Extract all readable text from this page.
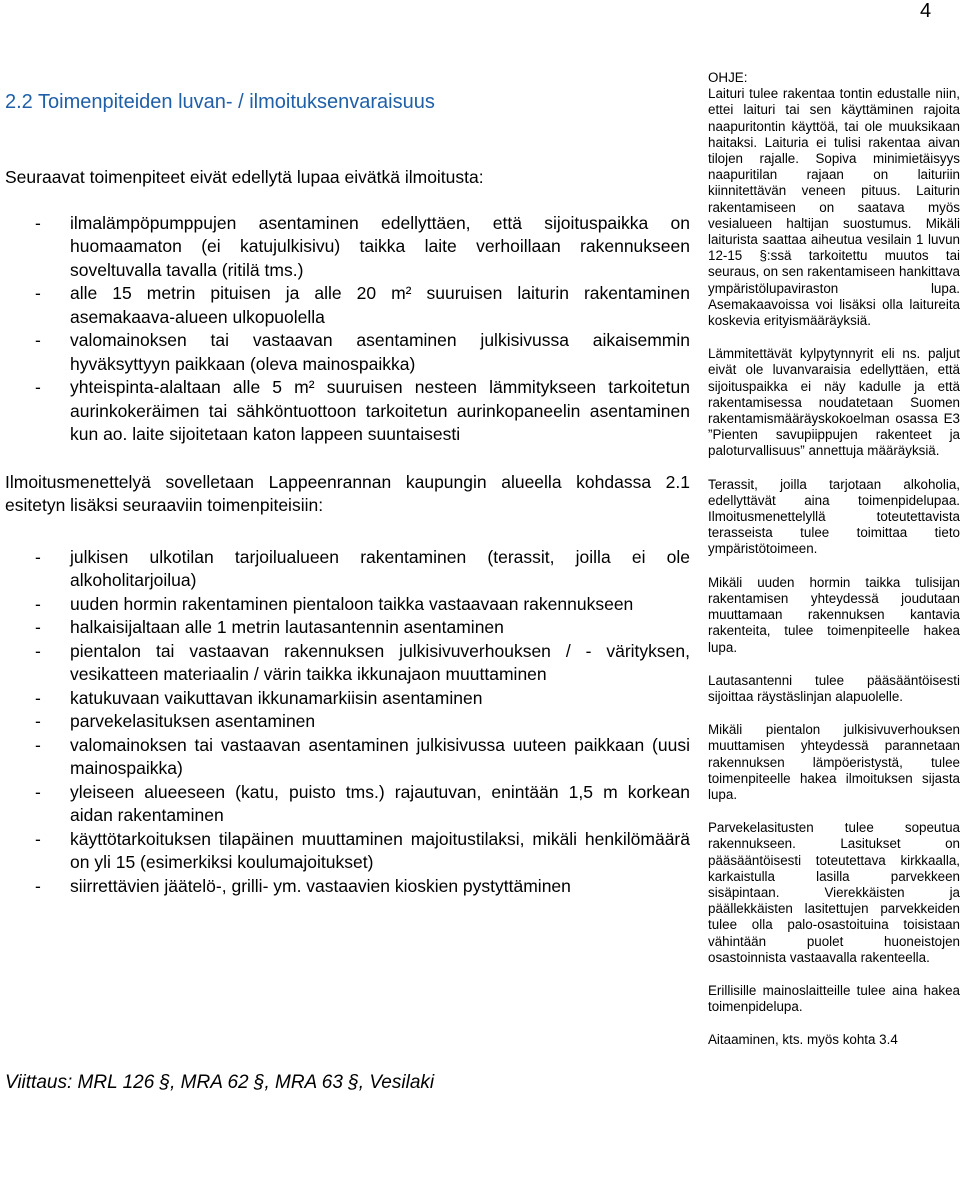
4
2.2 Toimenpiteiden luvan- / ilmoituksenvaraisuus

Seuraavat toimenpiteet eivät edellytä lupaa eivätkä ilmoitusta:

- ilmalämpöpumppujen asentaminen edellyttäen, että sijoituspaikka on huomaamaton (ei katujulkisivu) taikka laite verhoillaan rakennukseen soveltuvalla tavalla (ritilä tms.)
- alle 15 metrin pituisen ja alle 20 m² suuruisen laiturin rakentaminen asemakaava-alueen ulkopuolella
- valomainoksen tai vastaavan asentaminen julkisivussa aikaisemmin hyväksyttyyn paikkaan (oleva mainospaikka)
- yhteispinta-alaltaan alle 5 m² suuruisen nesteen lämmitykseen tarkoitetun aurinkokeräimen tai sähköntuottoon tarkoitetun aurinkopaneelin asentaminen kun ao. laite sijoitetaan katon lappeen suuntaisesti

Ilmoitusmenettelyä sovelletaan Lappeenrannan kaupungin alueella kohdassa 2.1 esitetyn lisäksi seuraaviin toimenpiteisiin:

- julkisen ulkotilan tarjoilualueen rakentaminen (terassit, joilla ei ole alkoholitarjoilua)
- uuden hormin rakentaminen pientaloon taikka vastaavaan rakennukseen
- halkaisijaltaan alle 1 metrin lautasantennin asentaminen
- pientalon tai vastaavan rakennuksen julkisivuverhouksen / - värityksen, vesikatteen materiaalin / värin taikka ikkunajaon muuttaminen
- katukuvaan vaikuttavan ikkunamarkiisin asentaminen
- parvekelasituksen asentaminen
- valomainoksen tai vastaavan asentaminen julkisivussa uuteen paikkaan (uusi mainospaikka)
- yleiseen alueeseen (katu, puisto tms.) rajautuvan, enintään 1,5 m korkean aidan rakentaminen
- käyttötarkoituksen tilapäinen muuttaminen majoitustilaksi, mikäli henkilömäärä on yli 15 (esimerkiksi koulumajoitukset)
- siirrettävien jäätelö-, grilli- ym. vastaavien kioskien pystyttäminen
Viittaus: MRL 126 §, MRA 62 §, MRA 63 §, Vesilaki

OHJE:

Laituri tulee rakentaa tontin edustalle niin, ettei laituri tai sen käyttäminen rajoita naapuritontin käyttöä, tai ole muuksikaan haitaksi. Laituria ei tulisi rakentaa aivan tilojen rajalle. Sopiva minimietäisyys naapuritilan rajaan on laituriin kiinnitettävän veneen pituus. Laiturin rakentamiseen on saatava myös vesialueen haltijan suostumus. Mikäli laiturista saattaa aiheutua vesilain 1 luvun 12-15 §:ssä tarkoitettu muutos tai seuraus, on sen rakentamiseen hankittava ympäristölupaviraston lupa. Asemakaavoissa voi lisäksi olla laitureita koskevia erityismääräyksiä.

Lämmitettävät kylpytynnyrit eli ns. paljut eivät ole luvanvaraisia edellyttäen, että sijoituspaikka ei näy kadulle ja että rakentamisessa noudatetaan Suomen rakentamismääräyskokoelman osassa E3 ”Pienten savupiippujen rakenteet ja paloturvallisuus” annettuja määräyksiä.

Terassit, joilla tarjotaan alkoholia, edellyttävät aina toimenpidelupaa. Ilmoitusmenettelyllä toteutettavista terasseista tulee toimittaa tieto ympäristötoimeen.

Mikäli uuden hormin taikka tulisijan rakentamisen yhteydessä joudutaan muuttamaan rakennuksen kantavia rakenteita, tulee toimenpiteelle hakea lupa.

Lautasantenni tulee pääsääntöisesti sijoittaa räystäslinjan alapuolelle.

Mikäli pientalon julkisivuverhouksen muuttamisen yhteydessä parannetaan rakennuksen lämpöeristystä, tulee toimenpiteelle hakea ilmoituksen sijasta lupa.

Parvekelasitusten tulee sopeutua rakennukseen. Lasitukset on pääsääntöisesti toteutettava kirkkaalla, karkaistulla lasilla parvekkeen sisäpintaan. Vierekkäisten ja päällekkäisten lasitettujen parvekkeiden tulee olla palo-osastoituina toisistaan vähintään puolet huoneistojen osastoinnista vastaavalla rakenteella.

Erillisille mainoslaitteille tulee aina hakea toimenpidelupa.

Aitaaminen, kts. myös kohta 3.4
